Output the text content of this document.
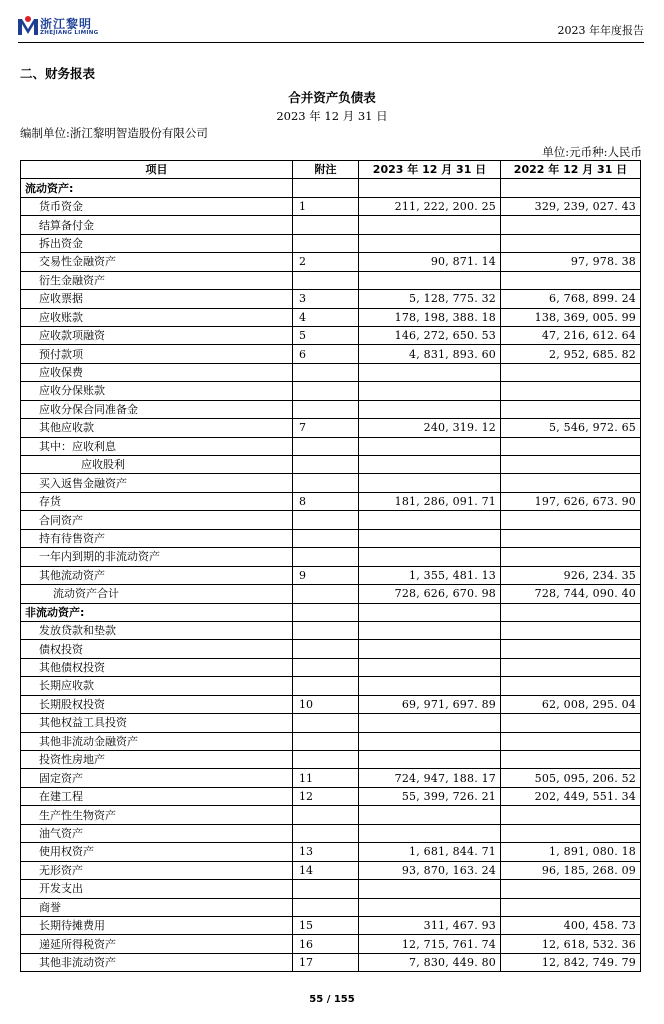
浙江黎明
ZHEJIANG LIMING	2023 年年度报告
二、财务报表
合并资产负债表
2023 年 12 月 31 日
编制单位:浙江黎明智造股份有限公司
单位:元币种:人民币
项目	附注	2023 年 12 月 31 日	2022 年 12 月 31 日
流动资产:			
货币资金	1	211, 222, 200. 25	329, 239, 027. 43
结算备付金			
拆出资金			
交易性金融资产	2	90, 871. 14	97, 978. 38
衍生金融资产			
应收票据	3	5, 128, 775. 32	6, 768, 899. 24
应收账款	4	178, 198, 388. 18	138, 369, 005. 99
应收款项融资	5	146, 272, 650. 53	47, 216, 612. 64
预付款项	6	4, 831, 893. 60	2, 952, 685. 82
应收保费			
应收分保账款			
应收分保合同准备金			
其他应收款	7	240, 319. 12	5, 546, 972. 65
其中：应收利息			
应收股利			
买入返售金融资产			
存货	8	181, 286, 091. 71	197, 626, 673. 90
合同资产			
持有待售资产			
一年内到期的非流动资产			
其他流动资产	9	1, 355, 481. 13	926, 234. 35
流动资产合计		728, 626, 670. 98	728, 744, 090. 40
非流动资产:			
发放贷款和垫款			
债权投资			
其他债权投资			
长期应收款			
长期股权投资	10	69, 971, 697. 89	62, 008, 295. 04
其他权益工具投资			
其他非流动金融资产			
投资性房地产			
固定资产	11	724, 947, 188. 17	505, 095, 206. 52
在建工程	12	55, 399, 726. 21	202, 449, 551. 34
生产性生物资产			
油气资产			
使用权资产	13	1, 681, 844. 71	1, 891, 080. 18
无形资产	14	93, 870, 163. 24	96, 185, 268. 09
开发支出			
商誉			
长期待摊费用	15	311, 467. 93	400, 458. 73
递延所得税资产	16	12, 715, 761. 74	12, 618, 532. 36
其他非流动资产	17	7, 830, 449. 80	12, 842, 749. 79
55 / 155
